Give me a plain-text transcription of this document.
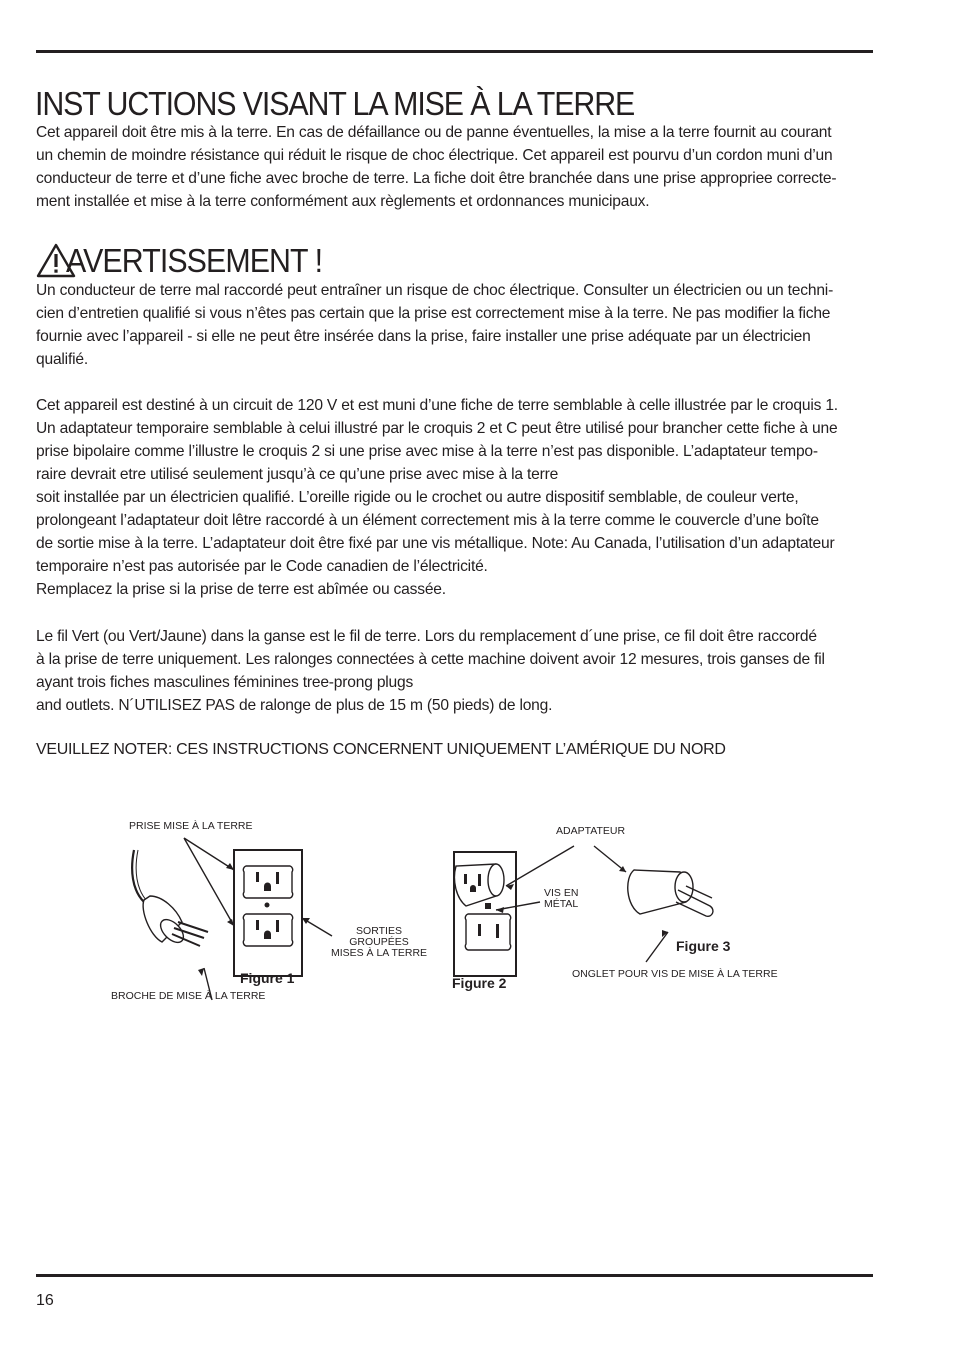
INST UCTIONS VISANT LA MISE À LA TERRE
Cet appareil doit être mis à la terre. En cas de défaillance ou de panne éventuelles, la mise a la terre fournit au courant
un chemin de moindre résistance qui réduit le risque de choc électrique. Cet appareil est pourvu d’un cordon muni d’un
conducteur de terre et d’une fiche avec broche de terre. La fiche doit être branchée dans une prise appropriee correcte-
ment installée et mise à la terre conformément aux règlements et ordonnances municipaux.
AVERTISSEMENT !
Un conducteur de terre mal raccordé peut entraîner un risque de choc électrique. Consulter un électricien ou un techni-
cien d’entretien qualifié si vous n’êtes pas certain que la prise est correctement mise à la terre. Ne pas modifier la fiche
fournie avec l’appareil - si elle ne peut être insérée dans la prise, faire installer une prise adéquate par un électricien
qualifié.
Cet appareil est destiné à un circuit de 120 V et est muni d’une fiche de terre semblable à celle illustrée par le croquis 1.
Un adaptateur temporaire semblable à celui illustré par le croquis 2 et C peut être utilisé pour brancher cette fiche à une
prise bipolaire comme l’illustre le croquis 2 si une prise avec mise à la terre n’est pas disponible. L’adaptateur tempo-
raire devrait etre utilisé seulement jusqu’à ce qu’une prise avec mise à la terre
soit installée par un électricien qualifié. L’oreille rigide ou le crochet ou autre dispositif semblable, de couleur verte,
prolongeant l’adaptateur doit lêtre raccordé à un élément correctement mis à la terre comme le couvercle d’une boîte
de sortie mise à la terre. L’adaptateur doit être fixé par une vis métallique. Note: Au Canada, l’utilisation d’un adaptateur
temporaire n’est pas autorisée par le Code canadien de l’électricité.
Remplacez la prise si la prise de terre est abîmée ou cassée.
Le fil Vert (ou Vert/Jaune) dans la ganse est le fil de terre. Lors du remplacement d´une prise, ce fil doit être raccordé
à la prise de terre uniquement. Les ralonges connectées à cette machine doivent avoir 12 mesures, trois ganses de fil
ayant trois fiches masculines féminines tree-prong plugs
and outlets. N´UTILISEZ PAS de ralonge de plus de 15 m (50 pieds) de long.
VEUILLEZ NOTER: CES INSTRUCTIONS CONCERNENT UNIQUEMENT L’AMÉRIQUE DU NORD
PRISE MISE À LA TERRE
BROCHE DE MISE À LA TERRE
Figure 1
SORTIES
GROUPÉES
MISES À LA TERRE
Figure 2
ADAPTATEUR
VIS EN
MÉTAL
Figure 3
ONGLET POUR VIS DE MISE À LA TERRE
16
